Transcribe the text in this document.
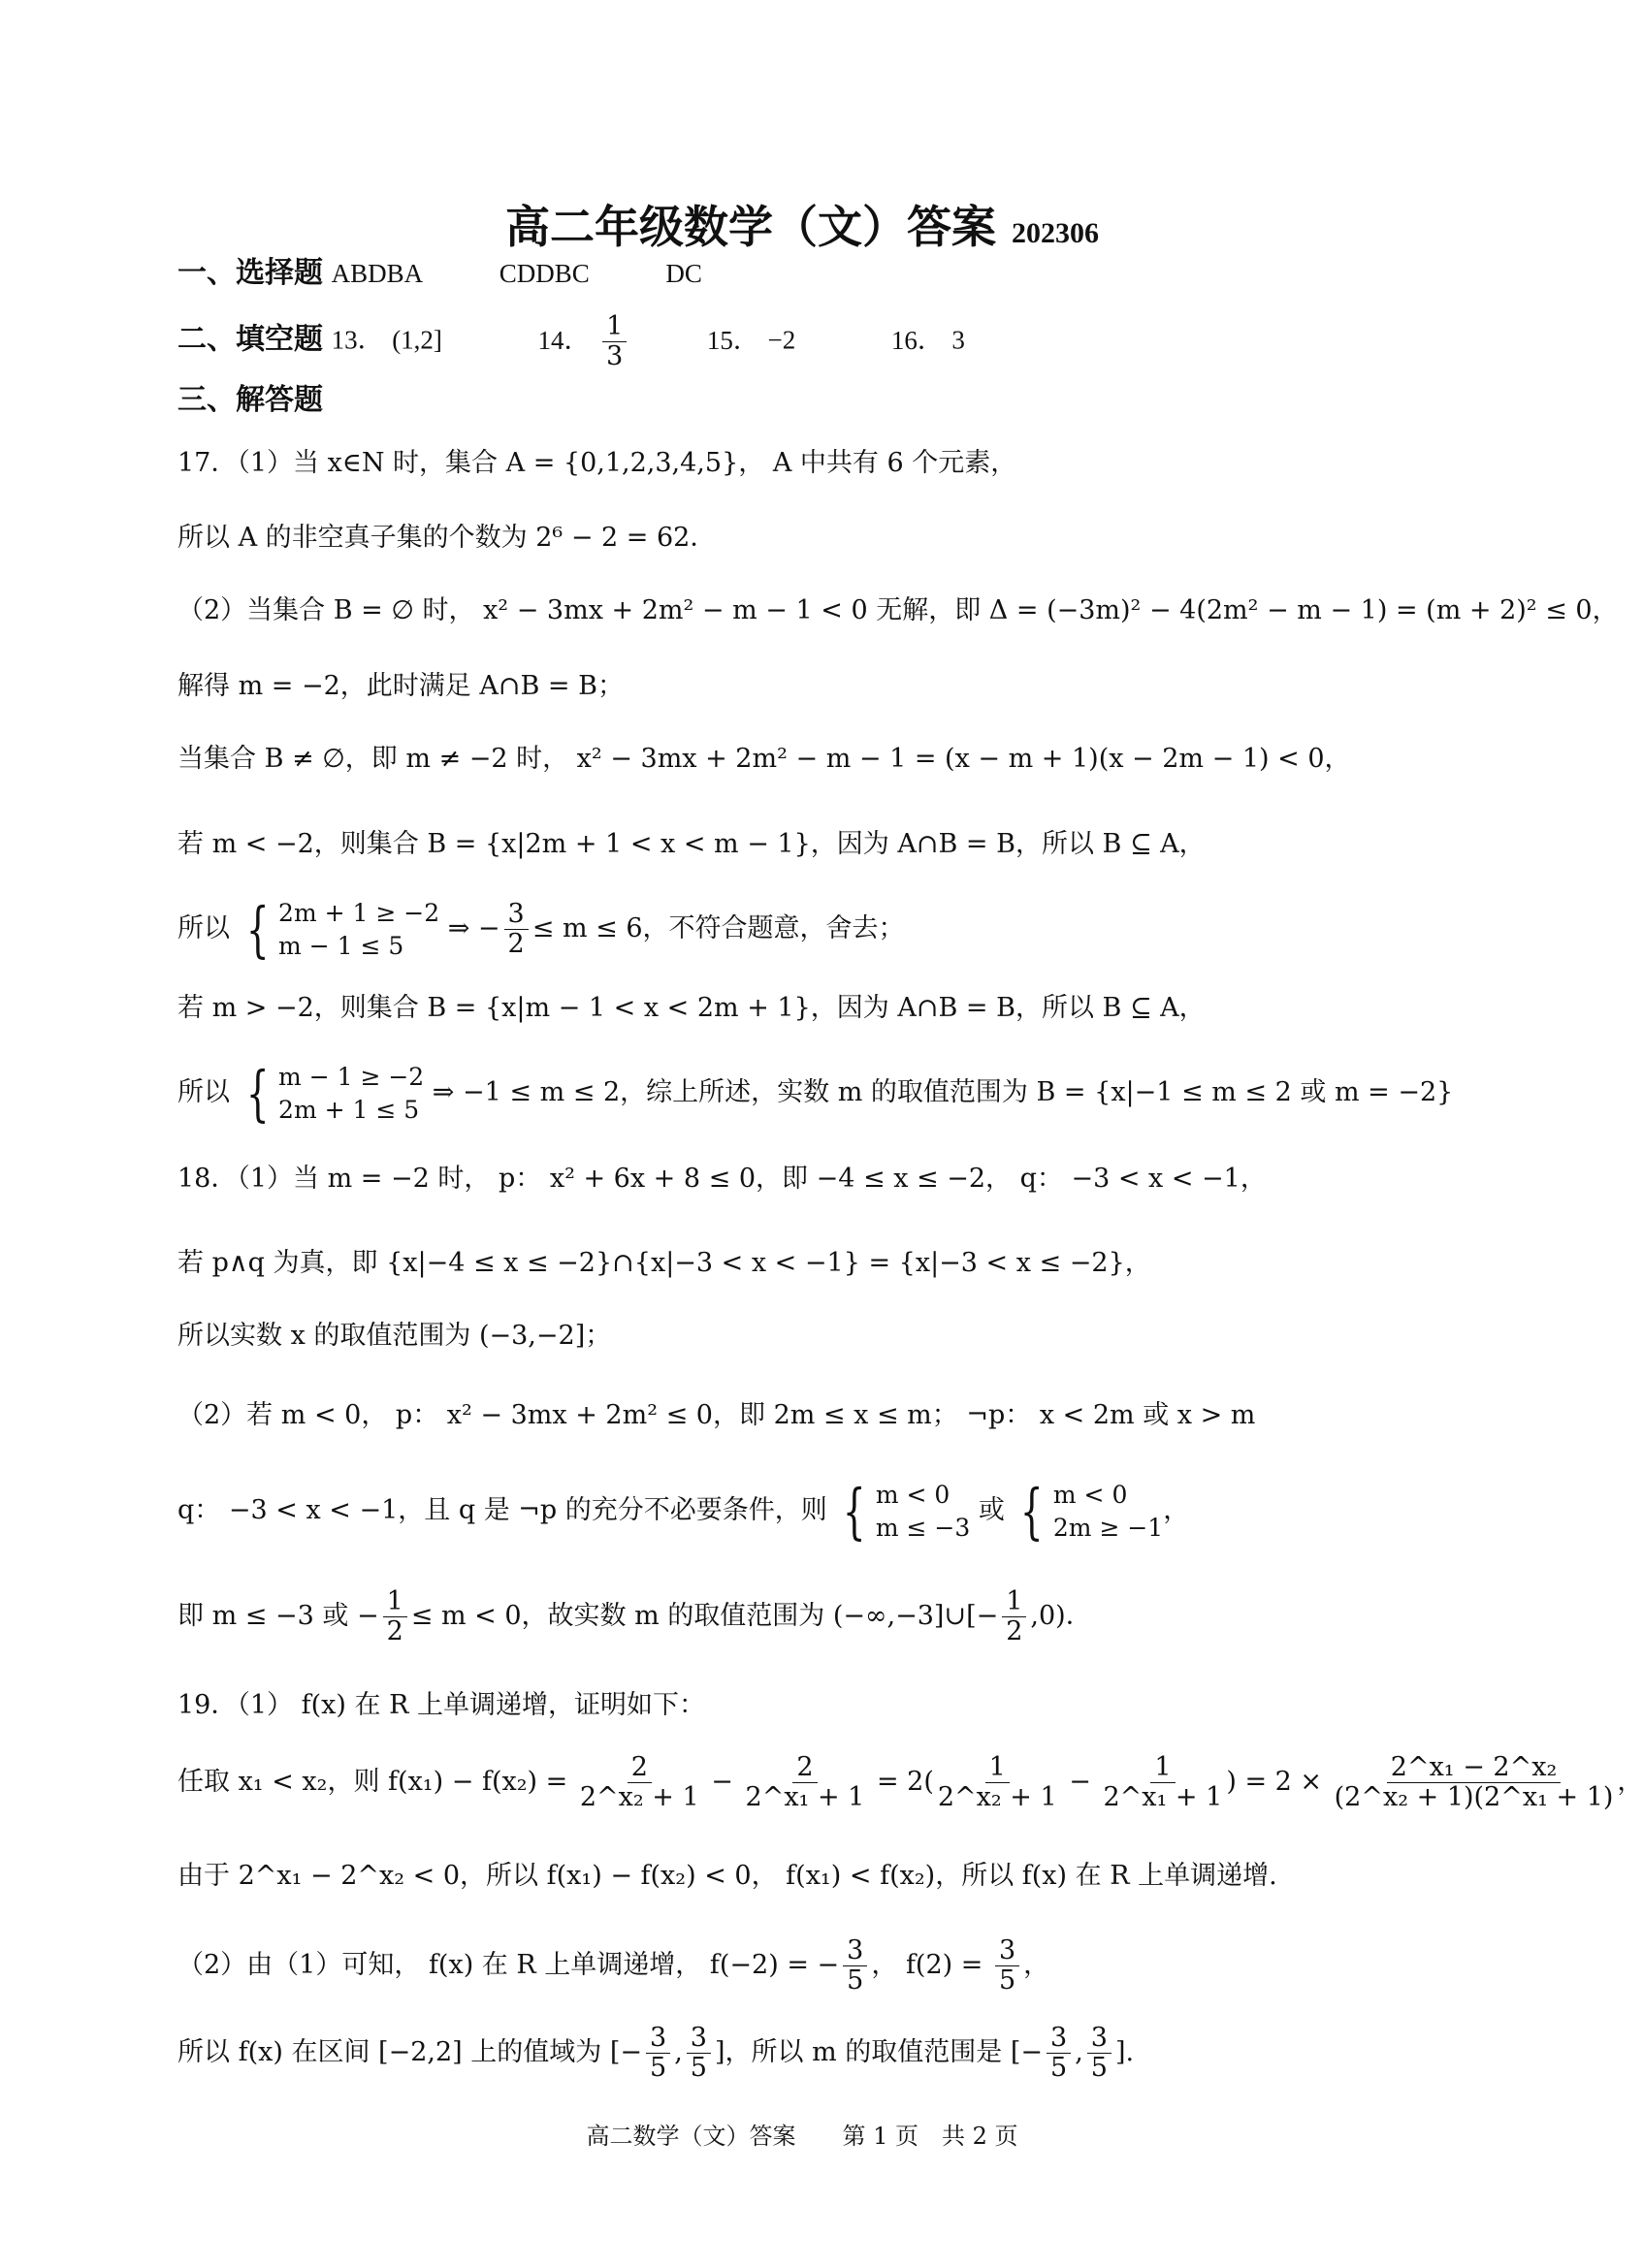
高二年级数学（文）答案 202306
一、选择题 ABDBA	CDDBC	DC
二、填空题 13． (1,2]	14． $\frac{1}{3}$	15． −2	16． 3
三、解答题
17．（1）当 x∈N 时，集合 A = {0,1,2,3,4,5}， A 中共有 6 个元素，
所以 A 的非空真子集的个数为 2⁶ − 2 = 62．
（2）当集合 B = ∅ 时， x² − 3mx + 2m² − m − 1 < 0 无解，即 Δ = (−3m)² − 4(2m² − m − 1) = (m + 2)² ≤ 0，
解得 m = −2，此时满足 A∩B = B；
当集合 B ≠ ∅，即 m ≠ −2 时， x² − 3mx + 2m² − m − 1 = (x − m + 1)(x − 2m − 1) < 0，
若 m < −2，则集合 B = {x|2m + 1 < x < m − 1}，因为 A∩B = B，所以 B ⊆ A，
所以 { 2m + 1 ≥ −2
m − 1 ≤ 5
⇒ − $\frac{3}{2} \le m \le 6$，不符合题意，舍去；
若 m > −2，则集合 B = {x|m − 1 < x < 2m + 1}，因为 A∩B = B，所以 B ⊆ A，
所以 { m − 1 ≥ −2
2m + 1 ≤ 5
⇒ −1 ≤ m ≤ 2，综上所述，实数 m 的取值范围为 B = {x|−1 ≤ m ≤ 2 或 m = −2}
18．（1）当 m = −2 时， p： x² + 6x + 8 ≤ 0，即 −4 ≤ x ≤ −2， q： −3 < x < −1，
若 p∧q 为真，即 {x|−4 ≤ x ≤ −2}∩{x|−3 < x < −1} = {x|−3 < x ≤ −2}，
所以实数 x 的取值范围为 (−3,−2]；
（2）若 m < 0， p： x² − 3mx + 2m² ≤ 0，即 2m ≤ x ≤ m； ¬p： x < 2m 或 x > m
q： −3 < x < −1，且 q 是 ¬p 的充分不必要条件，则 { m < 0
m ≤ −3
或 { m < 0
2m ≥ −1
，
即 m ≤ −3 或 − $\frac{1}{2} \le m < 0$，故实数 m 的取值范围为 (−∞,−3]∪[− $\frac{1}{2} ,0$)．
19．（1） f(x) 在 R 上单调递增，证明如下：
任取 x₁ < x₂，则 $f(x_1) - f(x_2) = \frac{2}{\text{2\textasciicircum{}x₂ + 1}} - \frac{2}{\text{2\textasciicircum{}x₁ + 1}} = 2( \frac{1}{\text{2\textasciicircum{}x₂ + 1}} - \frac{1}{\text{2\textasciicircum{}x₁ + 1}}$ ) = $2 \times \frac{\text{2\textasciicircum{}x₁ − 2\textasciicircum{}x₂}}{\text{(2\textasciicircum{}x₂ + 1)(2\textasciicircum{}x₁ + 1)}}$ ，
由于 2^x₁ − 2^x₂ < 0，所以 f(x₁) − f(x₂) < 0， f(x₁) < f(x₂)，所以 f(x) 在 R 上单调递增.
（2）由（1）可知， f(x) 在 R 上单调递增， f(−2) = − $\frac{3}{5}$ ， $f(2) = \frac{3}{5}$ ，
所以 f(x) 在区间 [−2,2] 上的值域为 [− $\frac{3}{5}$ , $\frac{3}{5}$ ]，所以 m 的取值范围是 [− $\frac{3}{5}$ , $\frac{3}{5}$ ].
高二数学（文）答案　　第 1 页　共 2 页
